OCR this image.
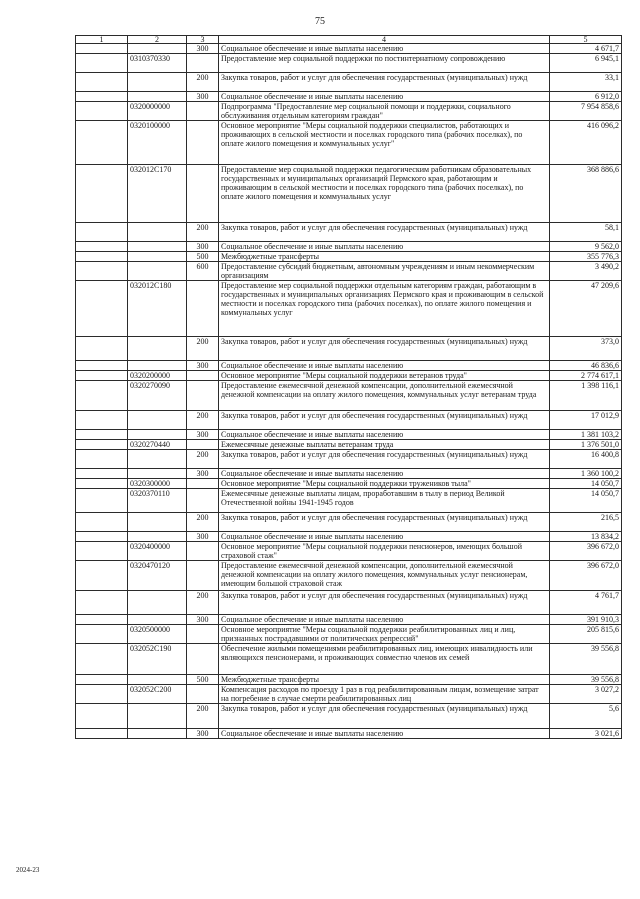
75
1	2	3	4	5
		300	Социальное обеспечение и иные выплаты населению	4 671,7
	0310370330		Предоставление мер социальной поддержки по постинтернатному сопровождению	6 945,1
		200	Закупка товаров, работ и услуг для обеспечения государственных (муниципальных) нужд	33,1
		300	Социальное обеспечение и иные выплаты населению	6 912,0
	0320000000		Подпрограмма "Предоставление мер социальной помощи и поддержки, социального обслуживания отдельным категориям граждан"	7 954 858,6
	0320100000		Основное мероприятие "Меры социальной поддержки специалистов, работающих и проживающих в сельской местности и поселках городского типа (рабочих поселках), по оплате жилого помещения и коммунальных услуг"	416 096,2
	032012С170		Предоставление мер социальной поддержки педагогическим работникам образовательных государственных и муниципальных организаций Пермского края, работающим и проживающим в сельской местности и поселках городского типа (рабочих поселках), по оплате жилого помещения и коммунальных услуг	368 886,6
		200	Закупка товаров, работ и услуг для обеспечения государственных (муниципальных) нужд	58,1
		300	Социальное обеспечение и иные выплаты населению	9 562,0
		500	Межбюджетные трансферты	355 776,3
		600	Предоставление субсидий бюджетным, автономным учреждениям и иным некоммерческим организациям	3 490,2
	032012С180		Предоставление мер социальной поддержки отдельным категориям граждан, работающим в государственных и муниципальных организациях Пермского края и проживающим в сельской местности и поселках городского типа (рабочих поселках), по оплате жилого помещения и коммунальных услуг	47 209,6
		200	Закупка товаров, работ и услуг для обеспечения государственных (муниципальных) нужд	373,0
		300	Социальное обеспечение и иные выплаты населению	46 836,6
	0320200000		Основное мероприятие "Меры социальной поддержки ветеранов труда"	2 774 617,1
	0320270090		Предоставление ежемесячной денежной компенсации, дополнительной ежемесячной денежной компенсации на оплату жилого помещения, коммунальных услуг ветеранам труда	1 398 116,1
		200	Закупка товаров, работ и услуг для обеспечения государственных (муниципальных) нужд	17 012,9
		300	Социальное обеспечение и иные выплаты населению	1 381 103,2
	0320270440		Ежемесячные денежные выплаты ветеранам труда	1 376 501,0
		200	Закупка товаров, работ и услуг для обеспечения государственных (муниципальных) нужд	16 400,8
		300	Социальное обеспечение и иные выплаты населению	1 360 100,2
	0320300000		Основное мероприятие "Меры социальной поддержки тружеников тыла"	14 050,7
	0320370110		Ежемесячные денежные выплаты лицам, проработавшим в тылу в период Великой Отечественной войны 1941-1945 годов	14 050,7
		200	Закупка товаров, работ и услуг для обеспечения государственных (муниципальных) нужд	216,5
		300	Социальное обеспечение и иные выплаты населению	13 834,2
	0320400000		Основное мероприятие "Меры социальной поддержки пенсионеров, имеющих большой страховой стаж"	396 672,0
	0320470120		Предоставление ежемесячной денежной компенсации, дополнительной ежемесячной денежной компенсации на оплату жилого помещения, коммунальных услуг пенсионерам, имеющим большой страховой стаж	396 672,0
		200	Закупка товаров, работ и услуг для обеспечения государственных (муниципальных) нужд	4 761,7
		300	Социальное обеспечение и иные выплаты населению	391 910,3
	0320500000		Основное мероприятие "Меры социальной поддержки реабилитированных лиц и лиц, признанных пострадавшими от политических репрессий"	205 815,6
	032052С190		Обеспечение жилыми помещениями реабилитированных лиц, имеющих инвалидность или являющихся пенсионерами, и проживающих совместно членов их семей	39 556,8
		500	Межбюджетные трансферты	39 556,8
	032052С200		Компенсация расходов по проезду 1 раз в год реабилитированным лицам, возмещение затрат на погребение в случае смерти реабилитированных лиц	3 027,2
		200	Закупка товаров, работ и услуг для обеспечения государственных (муниципальных) нужд	5,6
		300	Социальное обеспечение и иные выплаты населению	3 021,6
2024-23
